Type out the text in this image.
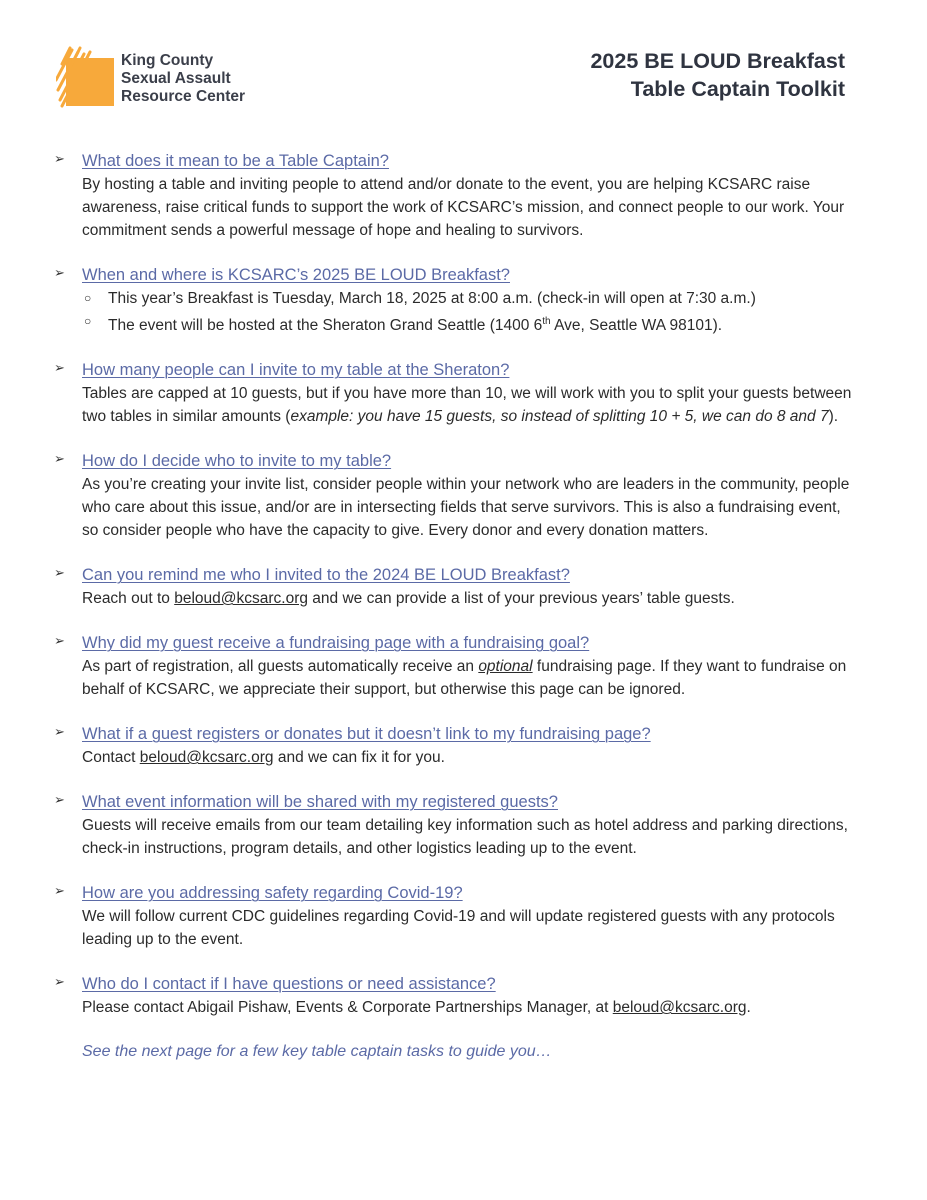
King County
Sexual Assault
Resource Center
2025 BE LOUD Breakfast
Table Captain Toolkit
➢ What does it mean to be a Table Captain?
By hosting a table and inviting people to attend and/or donate to the event, you are helping KCSARC raise awareness, raise critical funds to support the work of KCSARC’s mission, and connect people to our work. Your commitment sends a powerful message of hope and healing to survivors.
➢ When and where is KCSARC’s 2025 BE LOUD Breakfast?
○ This year’s Breakfast is Tuesday, March 18, 2025 at 8:00 a.m. (check-in will open at 7:30 a.m.)
○ The event will be hosted at the Sheraton Grand Seattle (1400 6th Ave, Seattle WA 98101).
➢ How many people can I invite to my table at the Sheraton?
Tables are capped at 10 guests, but if you have more than 10, we will work with you to split your guests between two tables in similar amounts (example: you have 15 guests, so instead of splitting 10 + 5, we can do 8 and 7).
➢ How do I decide who to invite to my table?
As you’re creating your invite list, consider people within your network who are leaders in the community, people who care about this issue, and/or are in intersecting fields that serve survivors. This is also a fundraising event, so consider people who have the capacity to give. Every donor and every donation matters.
➢ Can you remind me who I invited to the 2024 BE LOUD Breakfast?
Reach out to beloud@kcsarc.org and we can provide a list of your previous years’ table guests.
➢ Why did my guest receive a fundraising page with a fundraising goal?
As part of registration, all guests automatically receive an optional fundraising page. If they want to fundraise on behalf of KCSARC, we appreciate their support, but otherwise this page can be ignored.
➢ What if a guest registers or donates but it doesn’t link to my fundraising page?
Contact beloud@kcsarc.org and we can fix it for you.
➢ What event information will be shared with my registered guests?
Guests will receive emails from our team detailing key information such as hotel address and parking directions, check-in instructions, program details, and other logistics leading up to the event.
➢ How are you addressing safety regarding Covid-19?
We will follow current CDC guidelines regarding Covid-19 and will update registered guests with any protocols leading up to the event.
➢ Who do I contact if I have questions or need assistance?
Please contact Abigail Pishaw, Events & Corporate Partnerships Manager, at beloud@kcsarc.org.
See the next page for a few key table captain tasks to guide you…
